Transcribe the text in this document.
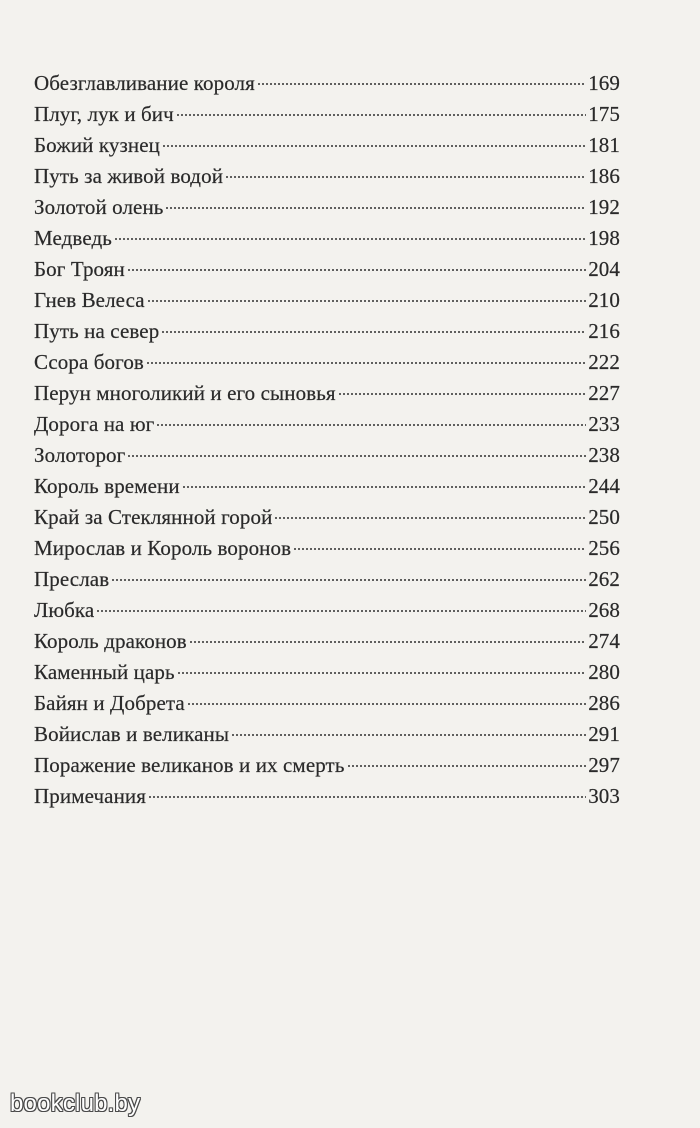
Обезглавливание короля	169
Плуг, лук и бич	175
Божий кузнец	181
Путь за живой водой	186
Золотой олень	192
Медведь	198
Бог Троян	204
Гнев Велеса	210
Путь на север	216
Ссора богов	222
Перун многоликий и его сыновья	227
Дорога на юг	233
Золоторог	238
Король времени	244
Край за Стеклянной горой	250
Мирослав и Король воронов	256
Преслав	262
Любка	268
Король драконов	274
Каменный царь	280
Байян и Добрета	286
Войислав и великаны	291
Поражение великанов и их смерть	297
Примечания	303
bookclub.by
